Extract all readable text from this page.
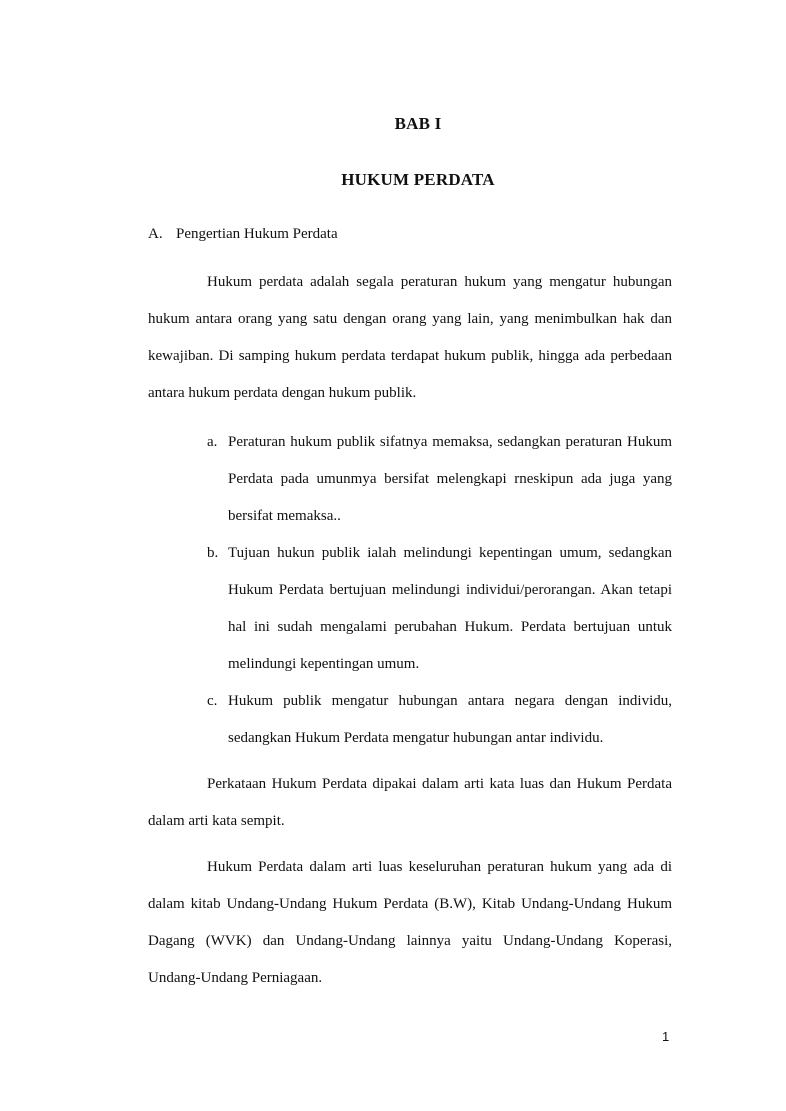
BAB I
HUKUM PERDATA
A. Pengertian Hukum Perdata

Hukum perdata adalah segala peraturan hukum yang mengatur hubungan hukum antara orang yang satu dengan orang yang lain, yang menimbulkan hak dan kewajiban. Di samping hukum perdata terdapat hukum publik, hingga ada perbedaan antara hukum perdata dengan hukum publik.

a. Peraturan hukum publik sifatnya memaksa, sedangkan peraturan Hukum Perdata pada umunmya bersifat melengkapi rneskipun ada juga yang bersifat memaksa..
b. Tujuan hukun publik ialah melindungi kepentingan umum, sedangkan Hukum Perdata bertujuan melindungi individui/perorangan. Akan tetapi hal ini sudah mengalami perubahan Hukum. Perdata bertujuan untuk melindungi kepentingan umum.
c. Hukum publik mengatur hubungan antara negara dengan individu, sedangkan Hukum Perdata mengatur hubungan antar individu.

Perkataan Hukum Perdata dipakai dalam arti kata luas dan Hukum Perdata dalam arti kata sempit.

Hukum Perdata dalam arti luas keseluruhan peraturan hukum yang ada di dalam kitab Undang-Undang Hukum Perdata (B.W), Kitab Undang-Undang Hukum Dagang (WVK) dan Undang-Undang lainnya yaitu Undang-Undang Koperasi, Undang-Undang Perniagaan.

1
